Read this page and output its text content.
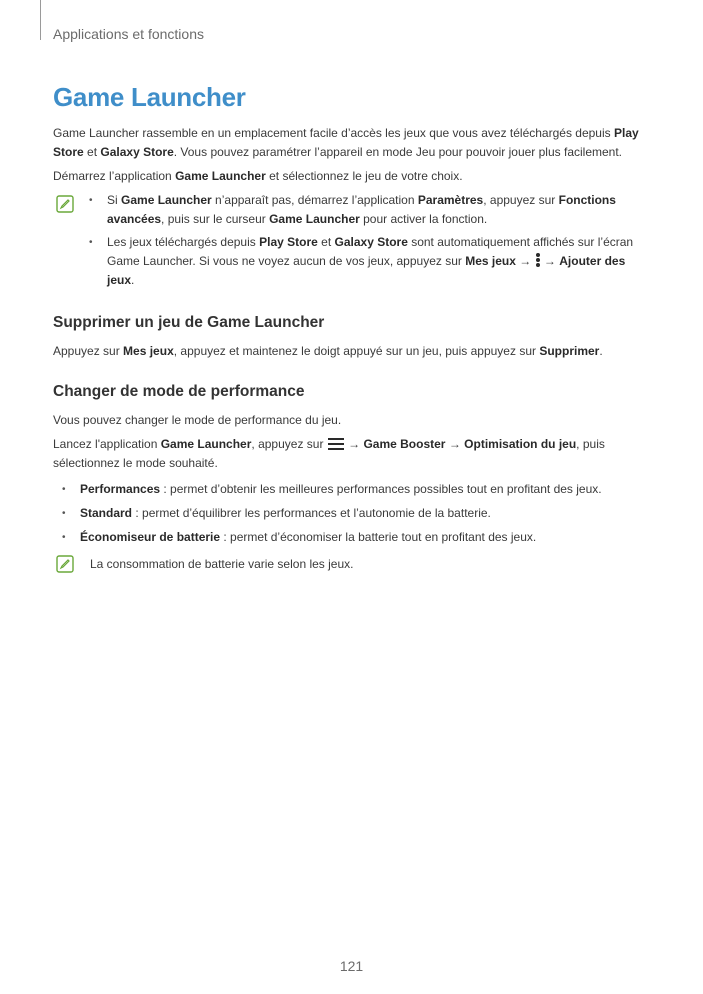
Applications et fonctions
Game Launcher
Game Launcher rassemble en un emplacement facile d’accès les jeux que vous avez téléchargés depuis Play Store et Galaxy Store. Vous pouvez paramétrer l’appareil en mode Jeu pour pouvoir jouer plus facilement.
Démarrez l’application Game Launcher et sélectionnez le jeu de votre choix.
• Si Game Launcher n’apparaît pas, démarrez l’application Paramètres, appuyez sur Fonctions avancées, puis sur le curseur Game Launcher pour activer la fonction.
• Les jeux téléchargés depuis Play Store et Galaxy Store sont automatiquement affichés sur l’écran Game Launcher. Si vous ne voyez aucun de vos jeux, appuyez sur Mes jeux →  → Ajouter des jeux.
Supprimer un jeu de Game Launcher
Appuyez sur Mes jeux, appuyez et maintenez le doigt appuyé sur un jeu, puis appuyez sur Supprimer.
Changer de mode de performance
Vous pouvez changer le mode de performance du jeu.
Lancez l'application Game Launcher, appuyez sur  → Game Booster → Optimisation du jeu, puis sélectionnez le mode souhaité.
• Performances : permet d’obtenir les meilleures performances possibles tout en profitant des jeux.
• Standard : permet d’équilibrer les performances et l’autonomie de la batterie.
• Économiseur de batterie : permet d’économiser la batterie tout en profitant des jeux.
La consommation de batterie varie selon les jeux.
121
